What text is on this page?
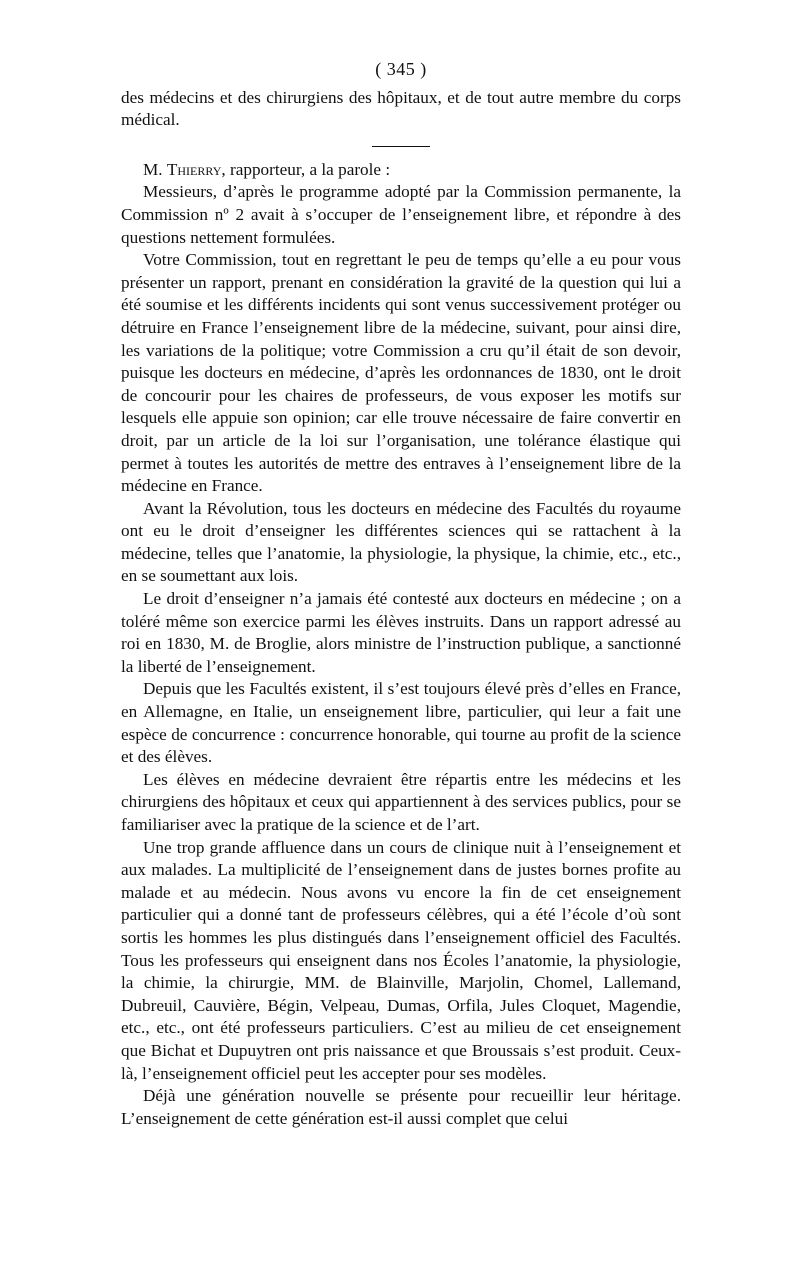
( 345 )

des médecins et des chirurgiens des hôpitaux, et de tout autre membre du corps médical.

M. Thierry, rapporteur, a la parole :

Messieurs, d’après le programme adopté par la Commission permanente, la Commission nº 2 avait à s’occuper de l’enseignement libre, et répondre à des questions nettement formulées.

Votre Commission, tout en regrettant le peu de temps qu’elle a eu pour vous présenter un rapport, prenant en considération la gravité de la question qui lui a été soumise et les différents incidents qui sont venus successivement protéger ou détruire en France l’enseignement libre de la médecine, suivant, pour ainsi dire, les variations de la politique; votre Commission a cru qu’il était de son devoir, puisque les docteurs en médecine, d’après les ordonnances de 1830, ont le droit de concourir pour les chaires de professeurs, de vous exposer les motifs sur lesquels elle appuie son opinion; car elle trouve nécessaire de faire convertir en droit, par un article de la loi sur l’organisation, une tolérance élastique qui permet à toutes les autorités de mettre des entraves à l’enseignement libre de la médecine en France.

Avant la Révolution, tous les docteurs en médecine des Facultés du royaume ont eu le droit d’enseigner les différentes sciences qui se rattachent à la médecine, telles que l’anatomie, la physiologie, la physique, la chimie, etc., etc., en se soumettant aux lois.

Le droit d’enseigner n’a jamais été contesté aux docteurs en médecine ; on a toléré même son exercice parmi les élèves instruits. Dans un rapport adressé au roi en 1830, M. de Broglie, alors ministre de l’instruction publique, a sanctionné la liberté de l’enseignement.

Depuis que les Facultés existent, il s’est toujours élevé près d’elles en France, en Allemagne, en Italie, un enseignement libre, particulier, qui leur a fait une espèce de concurrence : concurrence honorable, qui tourne au profit de la science et des élèves.

Les élèves en médecine devraient être répartis entre les médecins et les chirurgiens des hôpitaux et ceux qui appartiennent à des services publics, pour se familiariser avec la pratique de la science et de l’art.

Une trop grande affluence dans un cours de clinique nuit à l’enseignement et aux malades. La multiplicité de l’enseignement dans de justes bornes profite au malade et au médecin. Nous avons vu encore la fin de cet enseignement particulier qui a donné tant de professeurs célèbres, qui a été l’école d’où sont sortis les hommes les plus distingués dans l’enseignement officiel des Facultés. Tous les professeurs qui enseignent dans nos Écoles l’anatomie, la physiologie, la chimie, la chirurgie, MM. de Blainville, Marjolin, Chomel, Lallemand, Dubreuil, Cauvière, Bégin, Velpeau, Dumas, Orfila, Jules Cloquet, Magendie, etc., etc., ont été professeurs particuliers. C’est au milieu de cet enseignement que Bichat et Dupuytren ont pris naissance et que Broussais s’est produit. Ceux-là, l’enseignement officiel peut les accepter pour ses modèles.

Déjà une génération nouvelle se présente pour recueillir leur héritage. L’enseignement de cette génération est-il aussi complet que celui
